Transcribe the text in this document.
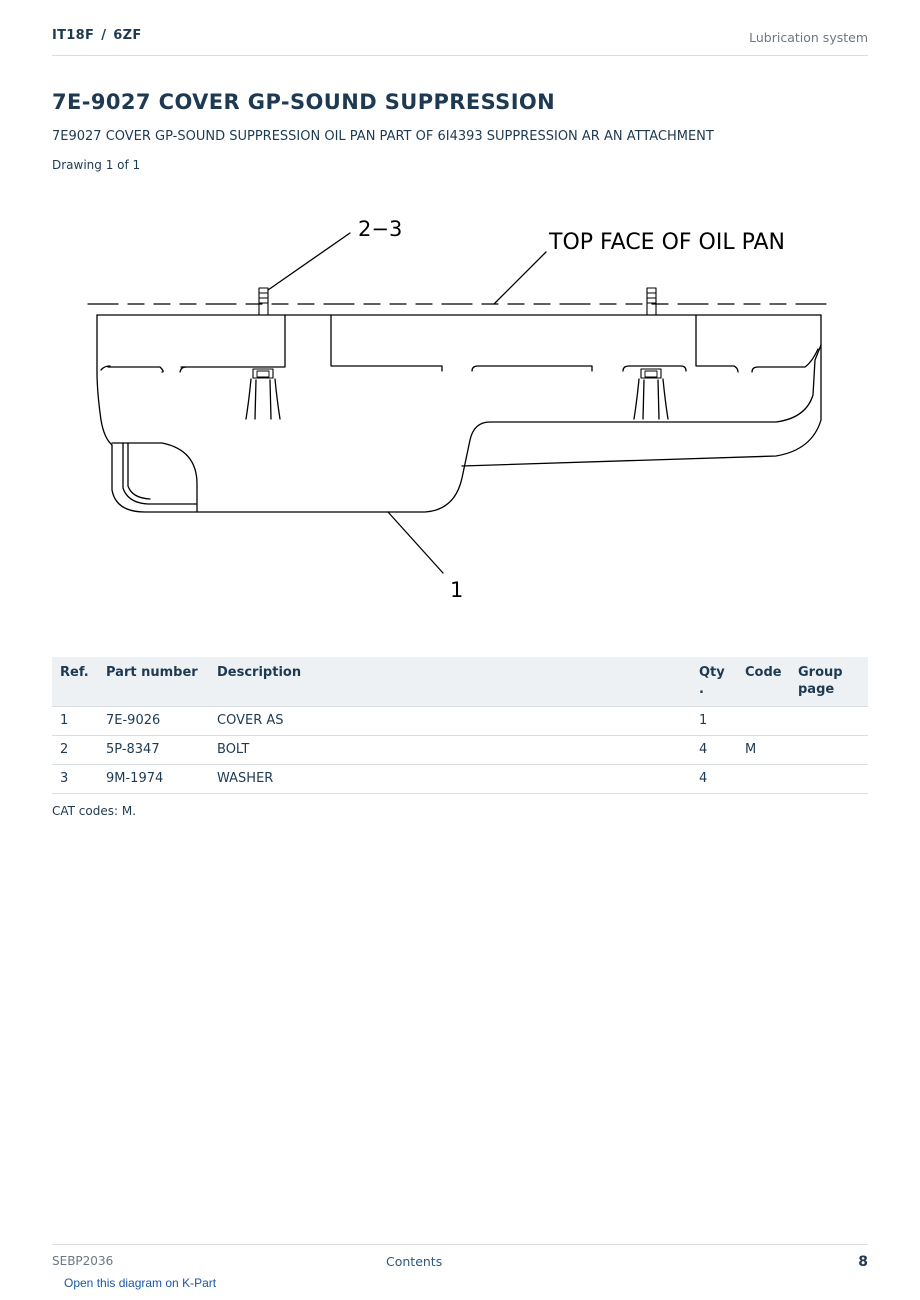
IT18F / 6ZF	Lubrication system
7E-9027 COVER GP-SOUND SUPPRESSION
7E9027 COVER GP-SOUND SUPPRESSION OIL PAN PART OF 6I4393 SUPPRESSION AR AN ATTACHMENT
Drawing 1 of 1
2−3
TOP FACE OF OIL PAN
1
Ref.	Part number	Description	Qty .	Code	Group page
1	7E-9026	COVER AS	1		
2	5P-8347	BOLT	4	M	
3	9M-1974	WASHER	4		
CAT codes: M.
SEBP2036	Contents	8
Open this diagram on K-Part
